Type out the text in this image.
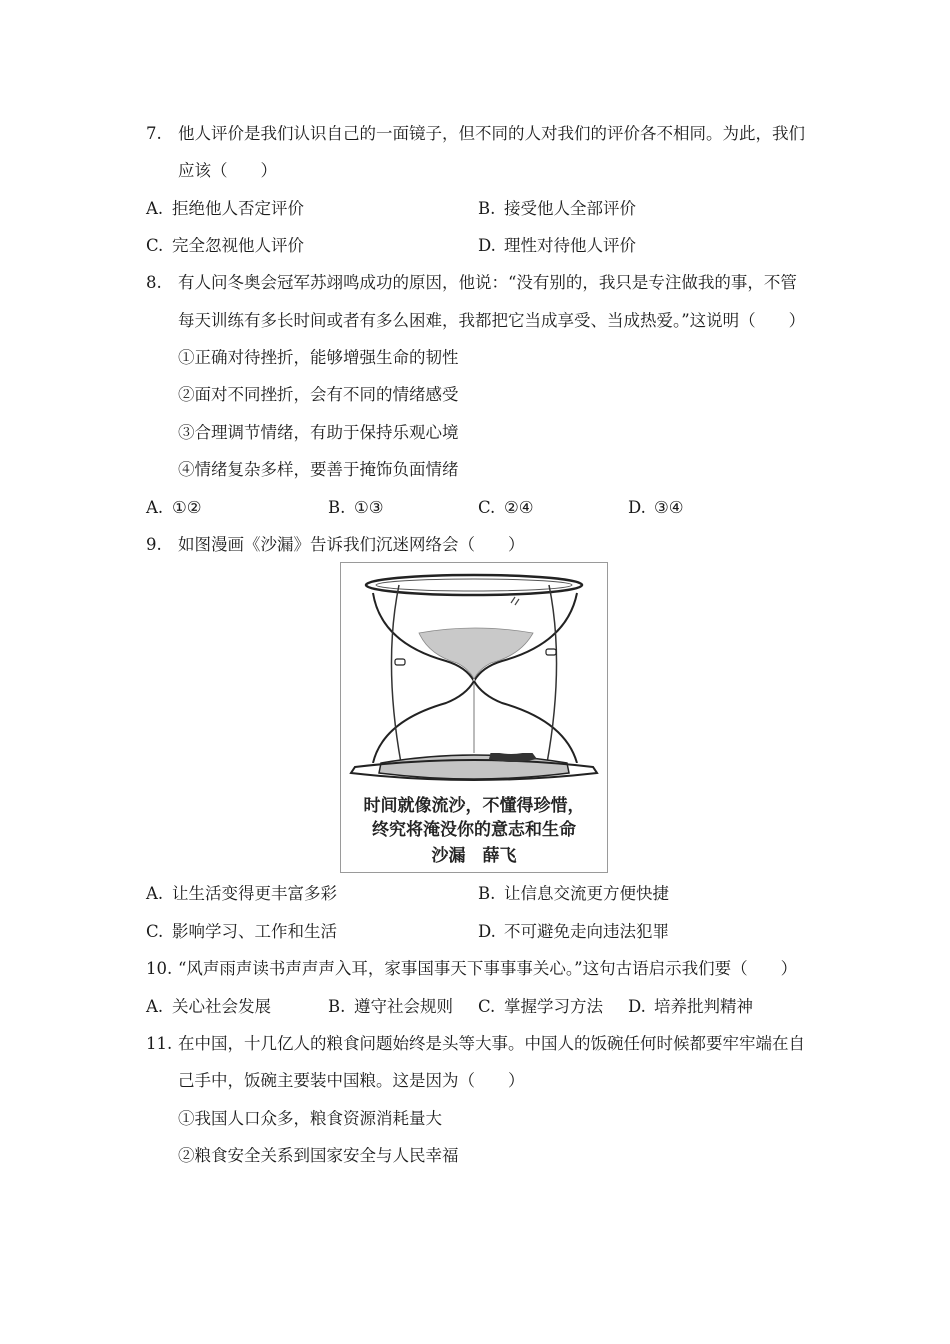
7. 他人评价是我们认识自己的一面镜子，但不同的人对我们的评价各不相同。为此，我们
应该（　　）
A. 拒绝他人否定评价	B. 接受他人全部评价
C. 完全忽视他人评价	D. 理性对待他人评价
8. 有人问冬奥会冠军苏翊鸣成功的原因，他说：“没有别的，我只是专注做我的事，不管
每天训练有多长时间或者有多么困难，我都把它当成享受、当成热爱。”这说明（　　）
①正确对待挫折，能够增强生命的韧性
②面对不同挫折，会有不同的情绪感受
③合理调节情绪，有助于保持乐观心境
④情绪复杂多样，要善于掩饰负面情绪
A. ①②	B. ①③	C. ②④	D. ③④
9. 如图漫画《沙漏》告诉我们沉迷网络会（　　）
时间就像流沙，不懂得珍惜，
终究将淹没你的意志和生命
沙漏　薛飞
A. 让生活变得更丰富多彩	B. 让信息交流更方便快捷
C. 影响学习、工作和生活	D. 不可避免走向违法犯罪
10. “风声雨声读书声声声入耳，家事国事天下事事事关心。”这句古语启示我们要（　　）
A. 关心社会发展	B. 遵守社会规则 C. 掌握学习方法 D. 培养批判精神
11. 在中国，十几亿人的粮食问题始终是头等大事。中国人的饭碗任何时候都要牢牢端在自
己手中，饭碗主要装中国粮。这是因为（　　）
①我国人口众多，粮食资源消耗量大
②粮食安全关系到国家安全与人民幸福
